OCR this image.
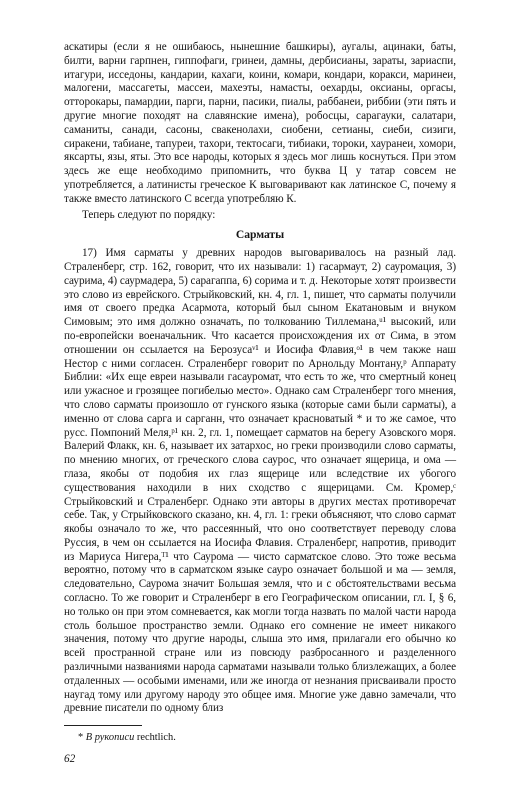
аскатиры (если я не ошибаюсь, нынешние башкиры), аугалы, ацинаки, баты, билти, варни гарпнен, гиппофаги, гринеи, дамны, дербисианы, зараты, зариаспи, итагури, исседоны, кандарии, кахаги, коини, комари, кондари, коракси, маринеи, малогени, массагеты, массеи, махеэты, намасты, оехарды, оксианы, оргасы, отторокары, памардии, парги, парни, пасики, пиалы, раббанеи, риббии (эти пять и другие многие походят на славянские имена), робосцы, сарагауки, салатари, саманиты, санади, сасоны, свакенолахи, сиобени, сетианы, сиеби, сизиги, сиракени, табиане, тапуреи, тахори, тектосаги, тибиаки, тороки, хауранеи, хомори, яксарты, язы, яты. Это все народы, которых я здесь мог лишь коснуться. При этом здесь же еще необходимо припомнить, что буква Ц у татар совсем не употребляется, а латинисты греческое К выговаривают как латинское С, почему я также вместо латинского С всегда употребляю К.

Теперь следуют по порядку:

Сарматы

17) Имя сарматы у древних народов выговаривалось на разный лад. Страленберг, стр. 162, говорит, что их называли: 1) гасармаут, 2) сауромация, 3) саурима, 4) саурмадера, 5) сарагаппа, 6) сорима и т. д. Некоторые хотят произвести это слово из еврейского. Стрыйковский, кн. 4, гл. 1, пишет, что сарматы получили имя от своего предка Асармота, который был сыном Екатановым и внуком Симовым; это имя должно означать, по толкованию Тиллемана,ᵘ¹ высокий, или по-европейски военачальник. Что касается происхождения их от Сима, в этом отношении он ссылается на Берозусаᵛ¹ и Иосифа Флавия,ᵒ¹ в чем также наш Нестор с ними согласен. Страленберг говорит по Арнольду Монтану,ᵖ Аппарату Библии: «Их еще евреи называли гасауромат, что есть то же, что смертный конец или ужасное и грозящее погибелью место». Однако сам Страленберг того мнения, что слово сарматы произошло от гунского языка (которые сами были сарматы), а именно от слова сарга и сарганн, что означает красноватый * и то же самое, что русс. Помпоний Меля,ᵖ¹ кн. 2, гл. 1, помещает сарматов на берегу Азовского моря. Валерий Флакк, кн. 6, называет их затархос, но греки производили слово сарматы, по мнению многих, от греческого слова саурос, что означает ящерица, и ома — глаза, якобы от подобия их глаз ящерице или вследствие их убогого существования находили в них сходство с ящерицами. См. Кромер,ᶜ Стрыйковский и Страленберг. Однако эти авторы в других местах противоречат себе. Так, у Стрыйковского сказано, кн. 4, гл. 1: греки объясняют, что слово сармат якобы означало то же, что рассеянный, что оно соответствует переводу слова Руссия, в чем он ссылается на Иосифа Флавия. Страленберг, напротив, приводит из Мариуса Нигера,ᵀ¹ что Саурома — чисто сарматское слово. Это тоже весьма вероятно, потому что в сарматском языке сауро означает большой и ма — земля, следовательно, Саурома значит Большая земля, что и с обстоятельствами весьма согласно. То же говорит и Страленберг в его Географическом описании, гл. I, § 6, но только он при этом сомневается, как могли тогда назвать по малой части народа столь большое пространство земли. Однако его сомнение не имеет никакого значения, потому что другие народы, слыша это имя, прилагали его обычно ко всей пространной стране или из повсюду разбросанного и разделенного различными названиями народа сарматами называли только близлежащих, а более отдаленных — особыми именами, или же иногда от незнания присваивали просто наугад тому или другому народу это общее имя. Многие уже давно замечали, что древние писатели по одному близ

* В рукописи rechtlich.
62
